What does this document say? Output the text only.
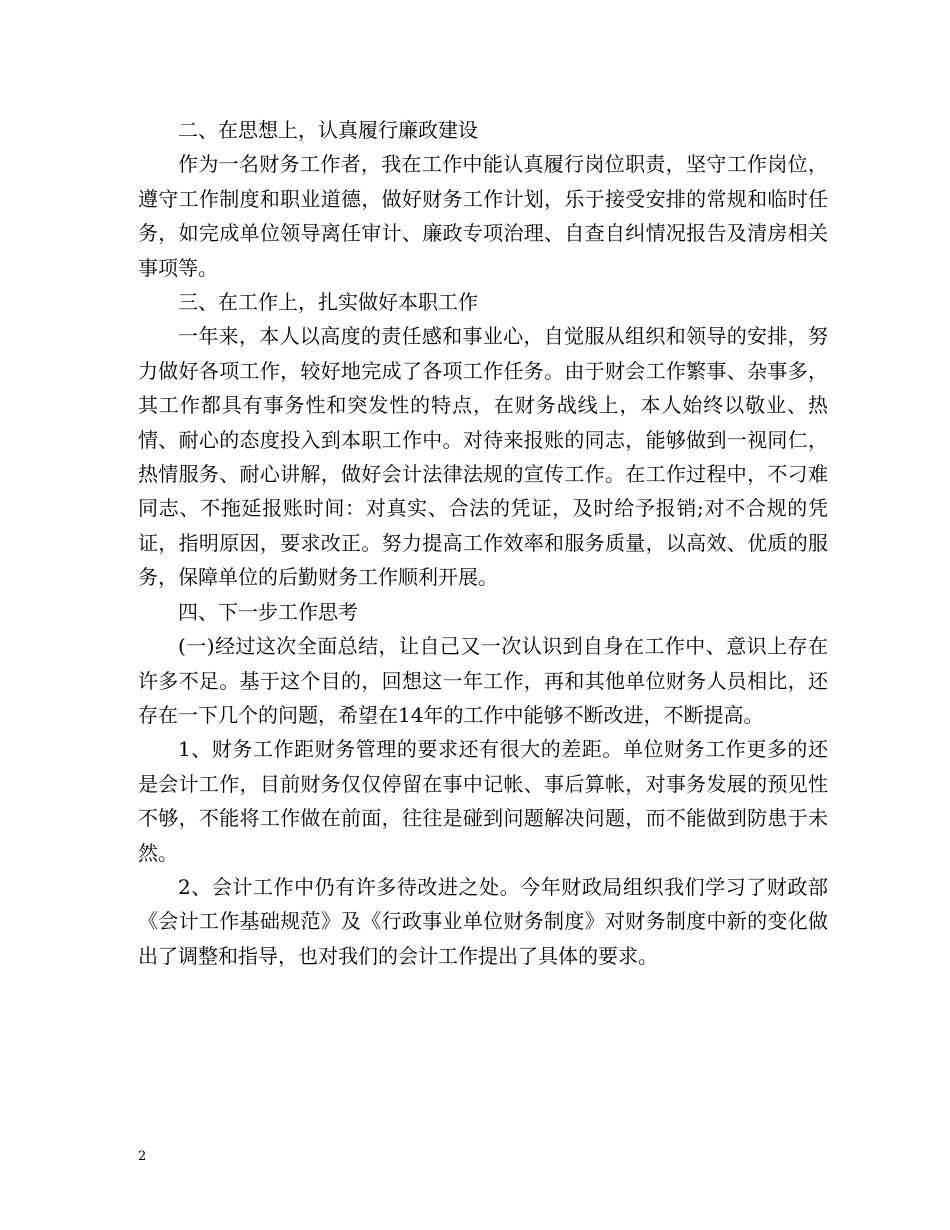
二、在思想上，认真履行廉政建设

作为一名财务工作者，我在工作中能认真履行岗位职责，坚守工作岗位，遵守工作制度和职业道德，做好财务工作计划，乐于接受安排的常规和临时任务，如完成单位领导离任审计、廉政专项治理、自查自纠情况报告及清房相关事项等。

三、在工作上，扎实做好本职工作

一年来，本人以高度的责任感和事业心，自觉服从组织和领导的安排，努力做好各项工作，较好地完成了各项工作任务。由于财会工作繁事、杂事多，其工作都具有事务性和突发性的特点，在财务战线上，本人始终以敬业、热情、耐心的态度投入到本职工作中。对待来报账的同志，能够做到一视同仁，热情服务、耐心讲解，做好会计法律法规的宣传工作。在工作过程中，不刁难同志、不拖延报账时间：对真实、合法的凭证，及时给予报销;对不合规的凭证，指明原因，要求改正。努力提高工作效率和服务质量，以高效、优质的服务，保障单位的后勤财务工作顺利开展。

四、下一步工作思考

(一)经过这次全面总结，让自己又一次认识到自身在工作中、意识上存在许多不足。基于这个目的，回想这一年工作，再和其他单位财务人员相比，还存在一下几个的问题，希望在14年的工作中能够不断改进，不断提高。

1、财务工作距财务管理的要求还有很大的差距。单位财务工作更多的还是会计工作，目前财务仅仅停留在事中记帐、事后算帐，对事务发展的预见性不够，不能将工作做在前面，往往是碰到问题解决问题，而不能做到防患于未然。

2、会计工作中仍有许多待改进之处。今年财政局组织我们学习了财政部《会计工作基础规范》及《行政事业单位财务制度》对财务制度中新的变化做出了调整和指导，也对我们的会计工作提出了具体的要求。

2
